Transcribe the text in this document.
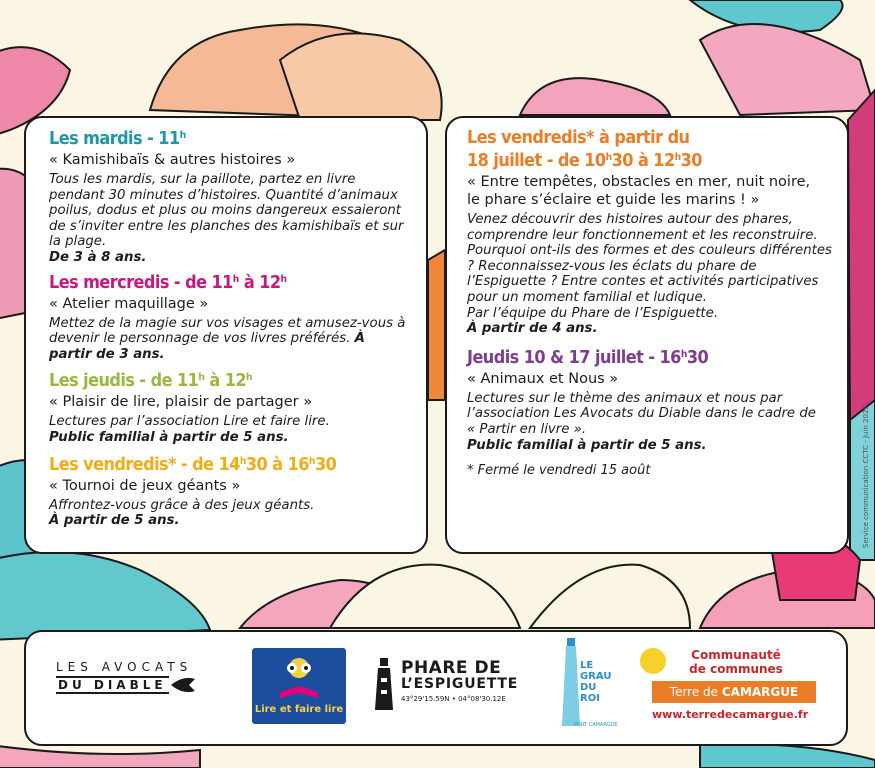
Service communication CCTC - Juin 2025
Les mardis - 11$^h$
« Kamishibaïs & autres histoires »
Tous les mardis, sur la paillote, partez en livre pendant 30 minutes d’histoires. Quantité d’animaux poilus, dodus et plus ou moins dangereux essaieront de s’inviter entre les planches des kamishibaïs et sur la plage.
De 3 à 8 ans.
Les mercredis - de 11$^h$ à 12$^h$
« Atelier maquillage »
Mettez de la magie sur vos visages et amusez-vous à devenir le personnage de vos livres préférés. À partir de 3 ans.
Les jeudis - de 11$^h$ à 12$^h$
« Plaisir de lire, plaisir de partager »
Lectures par l’association Lire et faire lire.
Public familial à partir de 5 ans.
Les vendredis* - de 14$^h$30 à 16$^h$30
« Tournoi de jeux géants »
Affrontez-vous grâce à des jeux géants.
À partir de 5 ans.
Les vendredis* à partir du
18 juillet - de 10$^h$30 à 12$^h$30
« Entre tempêtes, obstacles en mer, nuit noire, le phare s’éclaire et guide les marins ! »
Venez découvrir des histoires autour des phares, comprendre leur fonctionnement et les reconstruire. Pourquoi ont-ils des formes et des couleurs différentes ? Reconnaissez-vous les éclats du phare de l’Espiguette ? Entre contes et activités participatives pour un moment familial et ludique.
Par l’équipe du Phare de l’Espiguette.
À partir de 4 ans.
Jeudis 10 & 17 juillet - 16$^h$30
« Animaux et Nous »
Lectures sur le thème des animaux et nous par l’association Les Avocats du Diable dans le cadre de « Partir en livre ».
Public familial à partir de 5 ans.
* Fermé le vendredi 15 août
LES AVOCATS
DU DIABLE
Lire et faire lire
PHARE DE
L’ESPIGUETTE
43°29'15.59N • 04°08'30.12E
LE
GRAU
DU
ROI
PORT CAMARGUE
Communauté
de communes
Terre de CAMARGUE
www.terredecamargue.fr
